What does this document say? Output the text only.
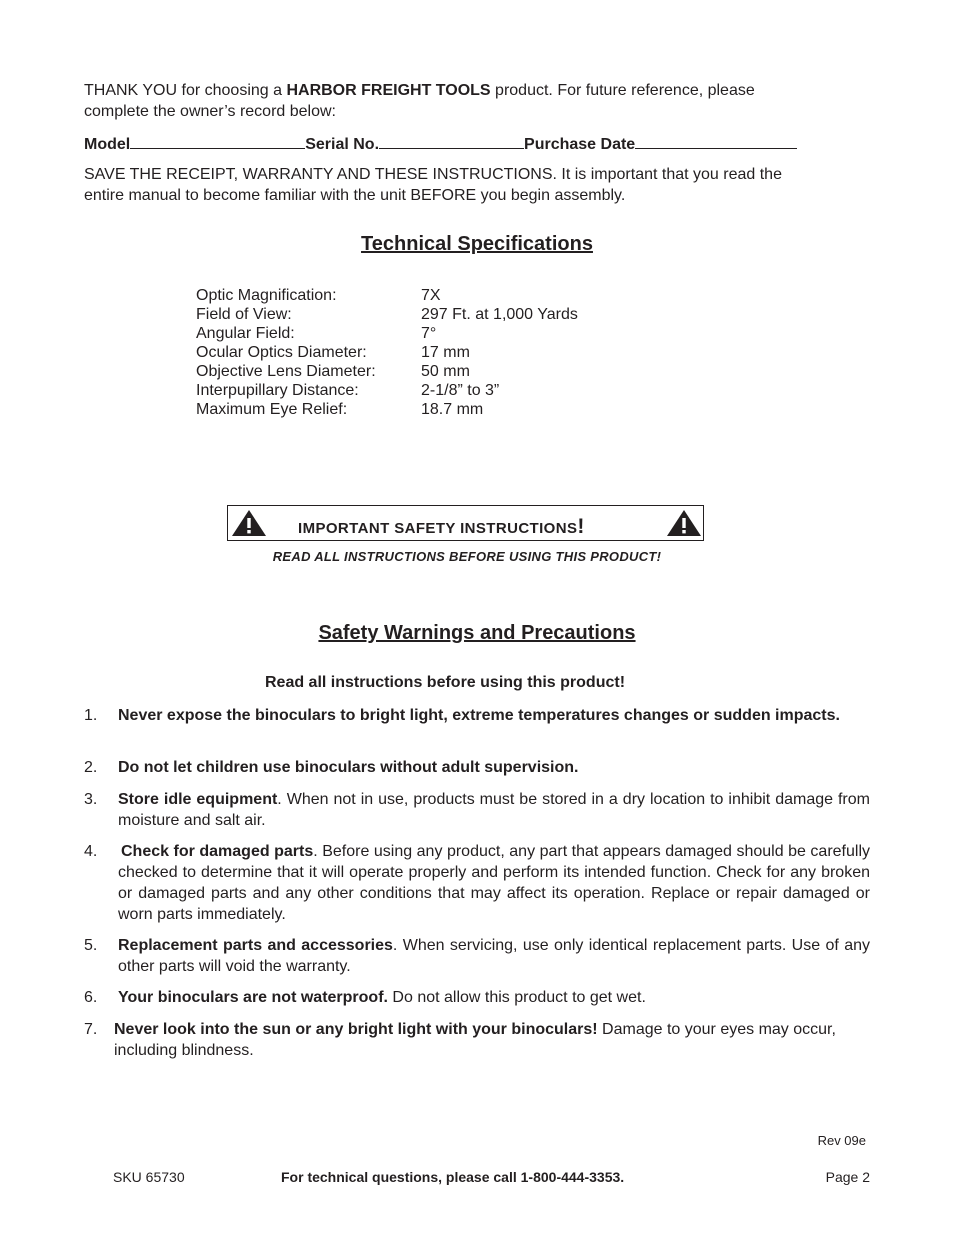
THANK YOU for choosing a HARBOR FREIGHT TOOLS product. For future reference, please
complete the owner’s record below:
Model	Serial No.	Purchase Date
SAVE THE RECEIPT, WARRANTY AND THESE INSTRUCTIONS. It is important that you read the
entire manual to become familiar with the unit BEFORE you begin assembly.
Technical Specifications
Optic Magnification:	7X
Field of View:	297 Ft. at 1,000 Yards
Angular Field:	7°
Ocular Optics Diameter:	17 mm
Objective Lens Diameter:	50 mm
Interpupillary Distance:	2-1/8” to 3”
Maximum Eye Relief:	18.7 mm
IMPORTANT SAFETY INSTRUCTIONS!
READ ALL INSTRUCTIONS BEFORE USING THIS PRODUCT!
Safety Warnings and Precautions
Read all instructions before using this product!
1.	Never expose the binoculars to bright light, extreme temperatures changes or sudden impacts.
2.	Do not let children use binoculars without adult supervision.
3.	Store idle equipment. When not in use, products must be stored in a dry location to inhibit damage from moisture and salt air.
4.	Check for damaged parts. Before using any product, any part that appears damaged should be carefully checked to determine that it will operate properly and perform its intended function. Check for any broken or damaged parts and any other conditions that may affect its operation. Replace or repair damaged or worn parts immediately.
5.	Replacement parts and accessories. When servicing, use only identical replacement parts. Use of any other parts will void the warranty.
6.	Your binoculars are not waterproof. Do not allow this product to get wet.
7.	Never look into the sun or any bright light with your binoculars! Damage to your eyes may occur, including blindness.
Rev 09e
SKU 65730	For technical questions, please call 1-800-444-3353.	Page 2
